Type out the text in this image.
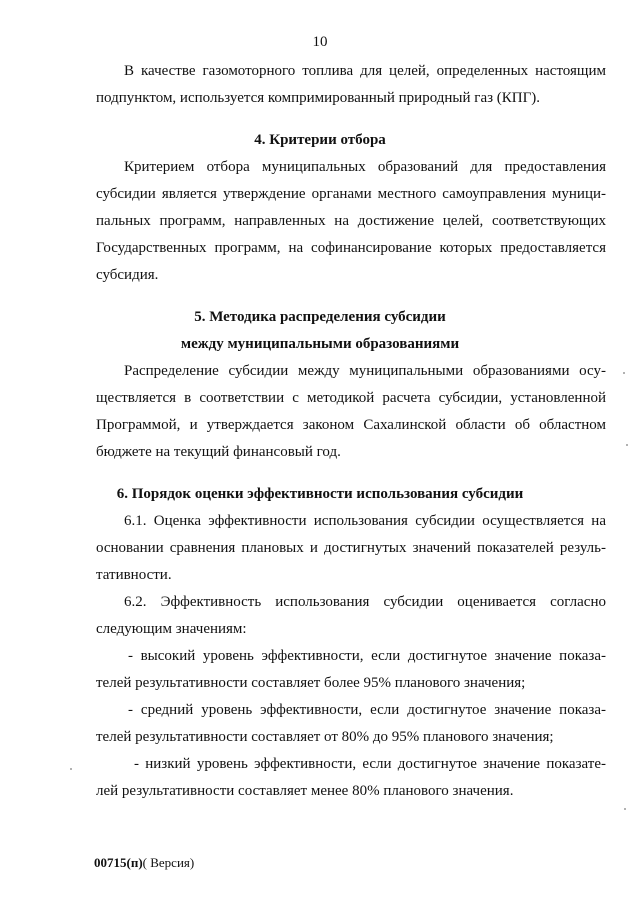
10
В качестве газомоторного топлива для целей, определенных настоящим
подпунктом, используется компримированный природный газ (КПГ).
4. Критерии отбора
Критерием отбора муниципальных образований для предоставления
субсидии является утверждение органами местного самоуправления муници-
пальных программ, направленных на достижение целей, соответствующих
Государственных программ, на софинансирование которых предоставляется
субсидия.
5. Методика распределения субсидии
между муниципальными образованиями
Распределение субсидии между муниципальными образованиями осу-
ществляется в соответствии с методикой расчета субсидии, установленной
Программой, и утверждается законом Сахалинской области об областном
бюджете на текущий финансовый год.
6. Порядок оценки эффективности использования субсидии
6.1. Оценка эффективности использования субсидии осуществляется на
основании сравнения плановых и достигнутых значений показателей резуль-
тативности.
6.2. Эффективность использования субсидии оценивается согласно
следующим значениям:
- высокий уровень эффективности, если достигнутое значение показа-
телей результативности составляет более 95% планового значения;
- средний уровень эффективности, если достигнутое значение показа-
телей результативности составляет от 80% до 95% планового значения;
- низкий уровень эффективности, если достигнутое значение показате-
лей результативности составляет менее 80% планового значения.
00715(п)( Версия)
